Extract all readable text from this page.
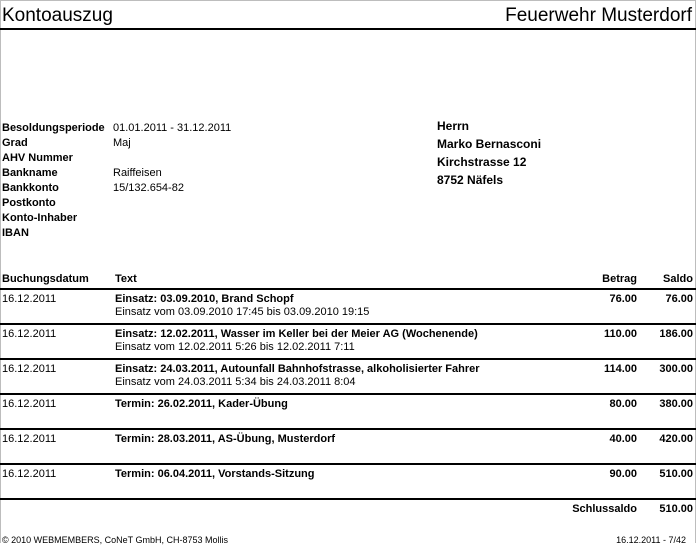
Kontoauszug	Feuerwehr Musterdorf
Besoldungsperiode 01.01.2011 - 31.12.2011
Grad	Maj
AHV Nummer
Bankname	Raiffeisen
Bankkonto	15/132.654-82
Postkonto
Konto-Inhaber
IBAN
Herrn
Marko Bernasconi
Kirchstrasse 12
8752 Näfels
Buchungsdatum Text	Betrag Saldo
16.12.2011	Einsatz: 03.09.2010, Brand Schopf
Einsatz vom 03.09.2010 17:45 bis 03.09.2010 19:15
76.00	76.00
16.12.2011	Einsatz: 12.02.2011, Wasser im Keller bei der Meier AG (Wochenende)
Einsatz vom 12.02.2011 5:26 bis 12.02.2011 7:11
110.00 186.00
16.12.2011	Einsatz: 24.03.2011, Autounfall Bahnhofstrasse, alkoholisierter Fahrer
Einsatz vom 24.03.2011 5:34 bis 24.03.2011 8:04
114.00 300.00
16.12.2011	Termin: 26.02.2011, Kader-Übung	80.00 380.00
16.12.2011	Termin: 28.03.2011, AS-Übung, Musterdorf	40.00 420.00
16.12.2011	Termin: 06.04.2011, Vorstands-Sitzung	90.00 510.00
Schlussaldo 510.00
© 2010 WEBMEMBERS, CoNeT GmbH, CH-8753 Mollis	16.12.2011 - 7/42
